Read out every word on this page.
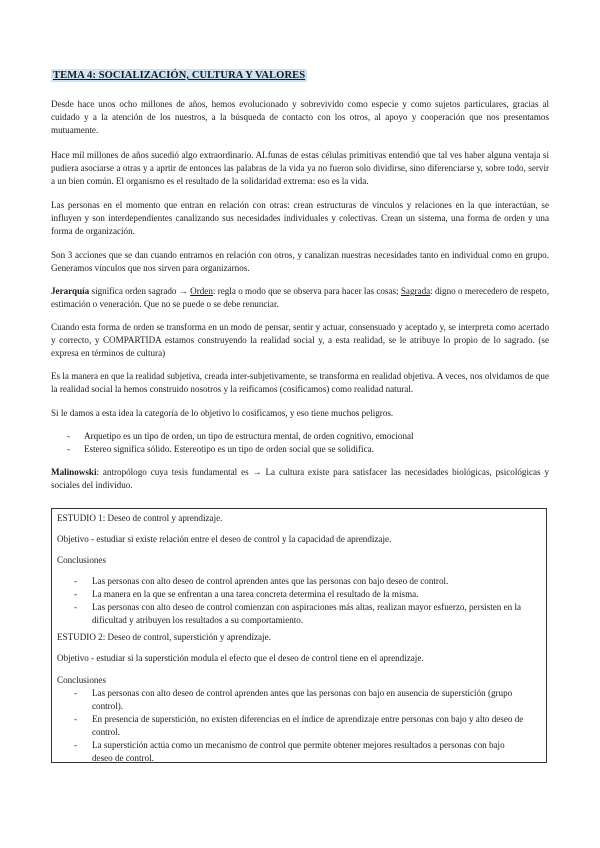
TEMA 4: SOCIALIZACIÓN, CULTURA Y VALORES

Desde hace unos ocho millones de años, hemos evolucionado y sobrevivido como especie y como sujetos particulares, gracias al cuidado y a la atención de los nuestros, a la búsqueda de contacto con los otros, al apoyo y cooperación que nos presentamos mutuamente.

Hace mil millones de años sucedió algo extraordinario. ALfunas de estas células primitivas entendió que tal ves haber alguna ventaja si pudiera asociarse a otras y a aprtir de entonces las palabras de la vida ya no fueron solo dividirse, sino diferenciarse y, sobre todo, servir a un bien común. El organismo es el resultado de la solidaridad extrema: eso es la vida.

Las personas en el momento que entran en relación con otras: crean estructuras de vínculos y relaciones en la que interactúan, se influyen y son interdependientes canalizando sus necesidades individuales y colectivas. Crean un sistema, una forma de orden y una forma de organización.

Son 3 acciones que se dan cuando entramos en relación con otros, y canalizan nuestras necesidades tanto en individual como en grupo. Generamos vínculos que nos sirven para organizarnos.

Jerarquía significa orden sagrado → Orden: regla o modo que se observa para hacer las cosas; Sagrada: digno o merecedero de respeto, estimación o veneración. Que no se puede o se debe renunciar.

Cuando esta forma de orden se transforma en un modo de pensar, sentir y actuar, consensuado y aceptado y, se interpreta como acertado y correcto, y COMPARTIDA estamos construyendo la realidad social y, a esta realidad, se le atribuye lo propio de lo sagrado. (se expresa en términos de cultura)

Es la manera en que la realidad subjetiva, creada inter-subjetivamente, se transforma en realidad objetiva. A veces, nos olvidamos de que la realidad social la hemos construido nosotros y la reificamos (cosificamos) como realidad natural.

Si le damos a esta idea la categoría de lo objetivo lo cosificamos, y eso tiene muchos peligros.

- Arquetipo es un tipo de orden, un tipo de estructura mental, de orden cognitivo, emocional
- Estereo significa sólido. Estereotipo es un tipo de orden social que se solidifica.

Malinowski: antropólogo cuya tesis fundamental es → La cultura existe para satisfacer las necesidades biológicas, psicológicas y sociales del individuo.

ESTUDIO 1: Deseo de control y aprendizaje.

Objetivo - estudiar si existe relación entre el deseo de control y la capacidad de aprendizaje.

Conclusiones

- Las personas con alto deseo de control aprenden antes que las personas con bajo deseo de control.
- La manera en la que se enfrentan a una tarea concreta determina el resultado de la misma.
- Las personas con alto deseo de control comienzan con aspiraciones más altas, realizan mayor esfuerzo, persisten en la dificultad y atribuyen los resultados a su comportamiento.

ESTUDIO 2: Deseo de control, superstición y aprendizaje.

Objetivo - estudiar si la superstición modula el efecto que el deseo de control tiene en el aprendizaje.

Conclusiones

- Las personas con alto deseo de control aprenden antes que las personas con bajo en ausencia de superstición (grupo control).
- En presencia de superstición, no existen diferencias en el índice de aprendizaje entre personas con bajo y alto deseo de control.
- La superstición actúa como un mecanismo de control que permite obtener mejores resultados a personas con bajo deseo de control.
